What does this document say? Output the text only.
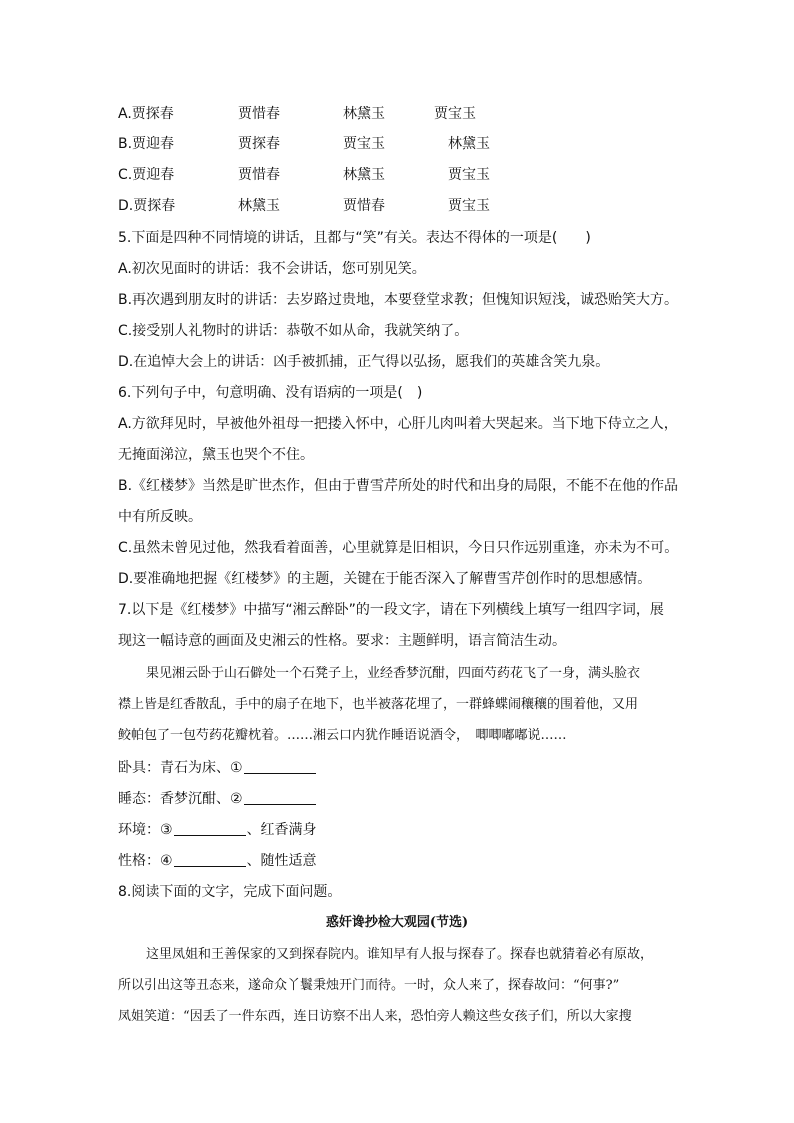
A.贾探春	贾惜春	林黛玉	贾宝玉
B.贾迎春	贾探春	贾宝玉	林黛玉
C.贾迎春	贾惜春	林黛玉	贾宝玉
D.贾探春	林黛玉	贾惜春	贾宝玉
5.下面是四种不同情境的讲话，且都与“笑”有关。表达不得体的一项是(　　)
A.初次见面时的讲话：我不会讲话，您可别见笑。
B.再次遇到朋友时的讲话：去岁路过贵地，本要登堂求教；但愧知识短浅，诚恐贻笑大方。
C.接受别人礼物时的讲话：恭敬不如从命，我就笑纳了。
D.在追悼大会上的讲话：凶手被抓捕，正气得以弘扬，愿我们的英雄含笑九泉。
6.下列句子中，句意明确、没有语病的一项是(　)
A.方欲拜见时，早被他外祖母一把搂入怀中，心肝儿肉叫着大哭起来。当下地下侍立之人，
无掩面涕泣，黛玉也哭个不住。
B.《红楼梦》当然是旷世杰作，但由于曹雪芹所处的时代和出身的局限，不能不在他的作品
中有所反映。
C.虽然未曾见过他，然我看着面善，心里就算是旧相识，今日只作远别重逢，亦未为不可。
D.要准确地把握《红楼梦》的主题，关键在于能否深入了解曹雪芹创作时的思想感情。
7.以下是《红楼梦》中描写“湘云醉卧”的一段文字，请在下列横线上填写一组四字词，展
现这一幅诗意的画面及史湘云的性格。要求：主题鲜明，语言简洁生动。
果见湘云卧于山石僻处一个石凳子上，业经香梦沉酣，四面芍药花飞了一身，满头脸衣
襟上皆是红香散乱，手中的扇子在地下，也半被落花埋了，一群蜂蝶闹穰穰的围着他，又用
鲛帕包了一包芍药花瓣枕着。……湘云口内犹作睡语说酒令，　唧唧嘟嘟说……
卧具：青石为床、①
睡态：香梦沉酣、②
环境：③	、红香满身
性格：④	、随性适意
8.阅读下面的文字，完成下面问题。
惑奸谗抄检大观园(节选)
这里凤姐和王善保家的又到探春院内。谁知早有人报与探春了。探春也就猜着必有原故，
所以引出这等丑态来，遂命众丫鬟秉烛开门而待。一时，众人来了，探春故问：“何事?”
凤姐笑道：“因丢了一件东西，连日访察不出人来，恐怕旁人赖这些女孩子们，所以大家搜
